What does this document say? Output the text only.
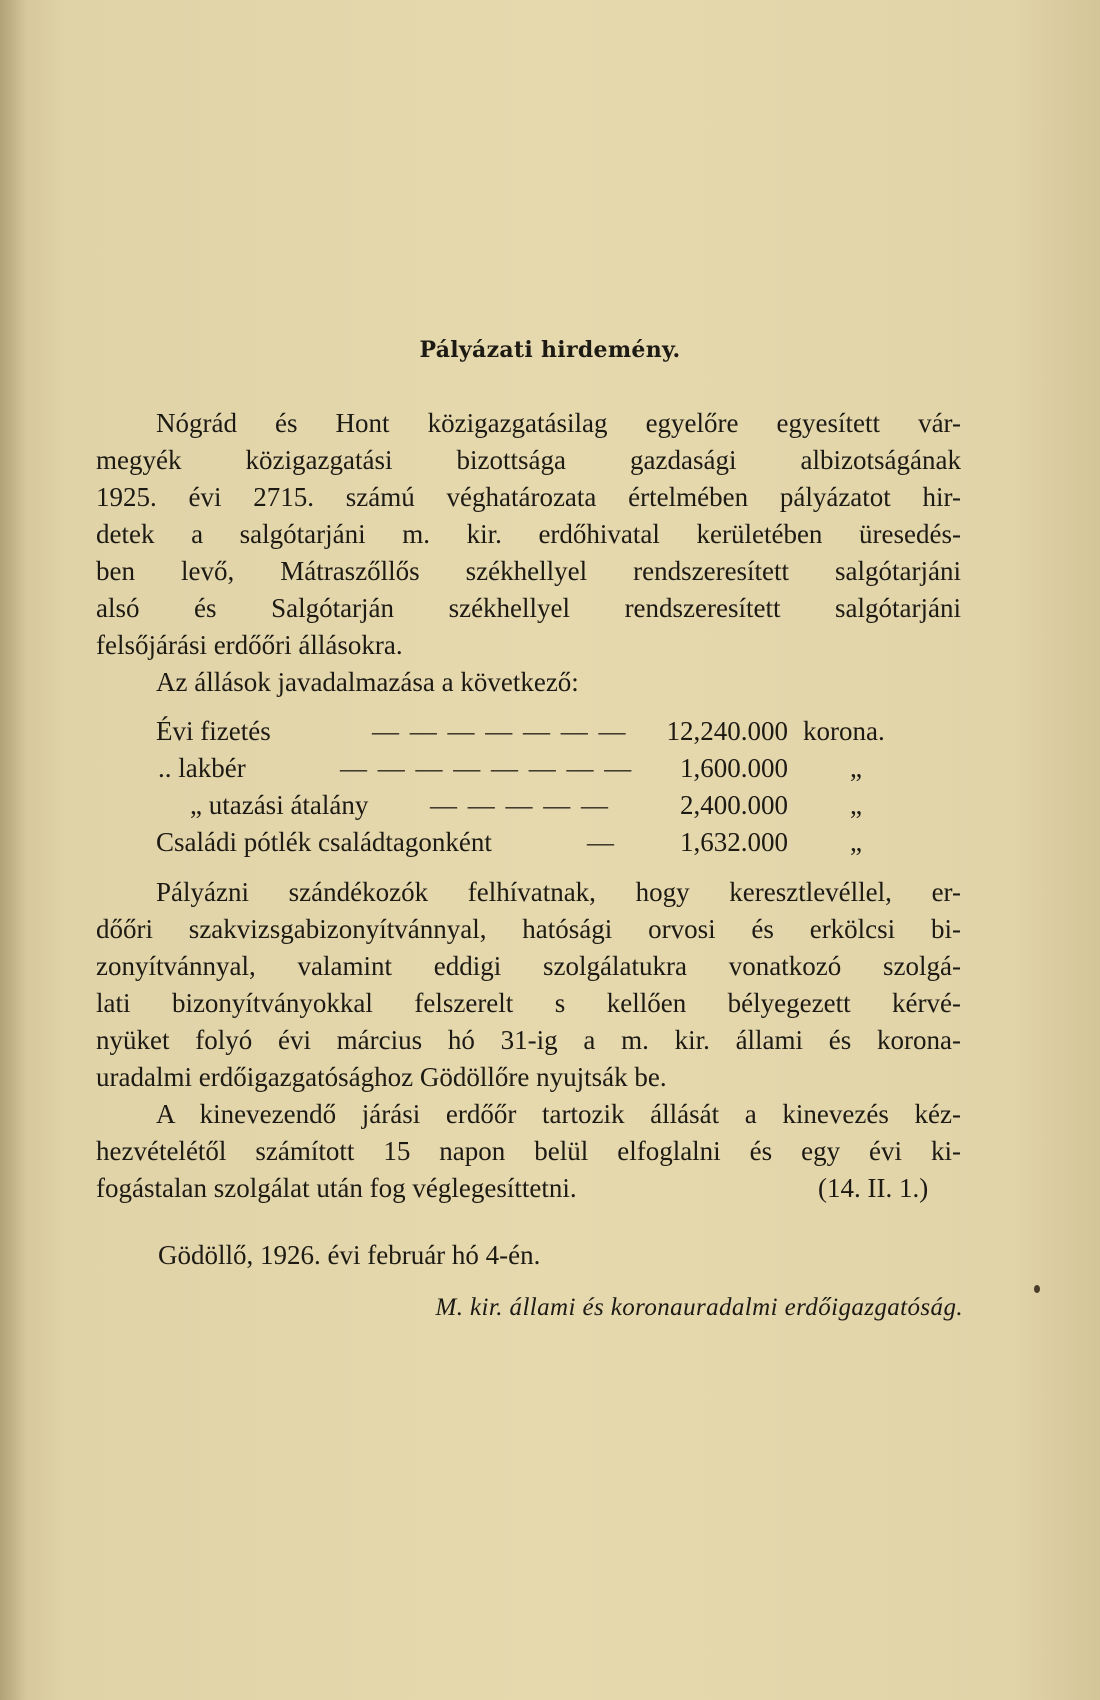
Pályázati hirdemény.
Nógrád és Hont közigazgatásilag egyelőre egyesített vár-
megyék közigazgatási bizottsága gazdasági albizotságának
1925. évi 2715. számú véghatározata értelmében pályázatot hir-
detek a salgótarjáni m. kir. erdőhivatal kerületében üresedés-
ben levő, Mátraszőllős székhellyel rendszeresített salgótarjáni
alsó és Salgótarján székhellyel rendszeresített salgótarjáni
felsőjárási erdőőri állásokra.
Az állások javadalmazása a következő:
Évi fizetés	— — — — — — —	12,240.000 korona.
.. lakbér	— — — — — — — —	1,600.000 „
„ utazási átalány — — — — —	2,400.000 „
Családi pótlék családtagonként	—	1,632.000 „
Pályázni szándékozók felhívatnak, hogy keresztlevéllel, er-
dőőri szakvizsgabizonyítvánnyal, hatósági orvosi és erkölcsi bi-
zonyítvánnyal, valamint eddigi szolgálatukra vonatkozó szolgá-
lati bizonyítványokkal felszerelt s kellően bélyegezett kérvé-
nyüket folyó évi március hó 31-ig a m. kir. állami és korona-
uradalmi erdőigazgatósághoz Gödöllőre nyujtsák be.
A kinevezendő járási erdőőr tartozik állását a kinevezés kéz-
hezvételétől számított 15 napon belül elfoglalni és egy évi ki-
fogástalan szolgálat után fog véglegesíttetni.	(14. II. 1.)
Gödöllő, 1926. évi február hó 4-én.
M. kir. állami és koronauradalmi erdőigazgatóság.
